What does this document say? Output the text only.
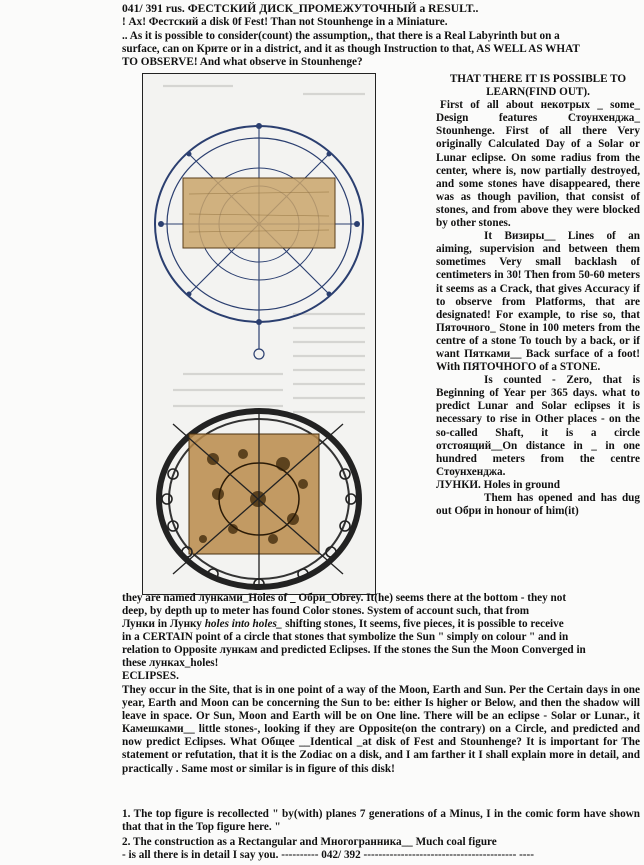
041/ 391 rus. ФЕСТСКИЙ ДИСК_ПРОМЕЖУТОЧНЫЙ a RESULT..
! Ах! Фестский a disk 0f Fest! Than not Stounhenge in a Miniature.
.. As it is possible to consider(count) the assumption,, that there is a Real Labyrinth but on a
surface, can on Крите or in a district, and it as though Instruction to that, AS WELL AS WHAT
TO OBSERVE! And what observe in Stounhenge?

THAT THERE IT IS POSSIBLE TO LEARN(FIND OUT).

First of all about некотрых _ some_ Design features Стоунхенджа_ Stounhenge. First of all there Very originally Calculated Day of a Solar or Lunar eclipse. On some radius from the center, where is, now partially destroyed, and some stones have disappeared, there was as though pavilion, that consist of stones, and from above they were blocked by other stones.

It Визиры__ Lines of an aiming, supervision and between them sometimes Very small backlash of centimeters in 30! Then from 50-60 meters it seems as a Crack, that gives Accuracy if to observe from Platforms, that are designated! For example, to rise so, that Пяточного_ Stone in 100 meters from the centre of a stone To touch by a back, or if want Пятками__ Back surface of a foot! With ПЯТОЧНОГО of a STONE.

Is counted - Zero, that is Beginning of Year per 365 days. what to predict Lunar and Solar eclipses it is necessary to rise in Other places - on the so-called Shaft, it is a circle отстоящий__On distance in _ in one hundred meters from the centre Стоунхенджа.

ЛУНКИ. Holes in ground

Them has opened and has dug out Обри in honour of him(it)

they are named лунками_Holes of Обри_Obrey. It(he) seems there at the bottom - they not
deep, by depth up to meter has found Color stones. System of account such, that from
Лунки in Лунку holes into holes_ shifting stones, It seems, five pieces, it is possible to receive
in a CERTAIN point of a circle that stones that symbolize the Sun " simply on colour " and in
relation to Opposite лункам and predicted Eclipses. If the stones the Sun the Moon Converged in
these лунках_holes!
ECLIPSES.

They occur in the Site, that is in one point of a way of the Moon, Earth and Sun. Per the Certain days in one year, Earth and Moon can be concerning the Sun to be: either Is higher or Below, and then the shadow will leave in space. Or Sun, Moon and Earth will be on One line. There will be an eclipse - Solar or Lunar., it Камешками__ little stones-, looking if they are Opposite(on the contrary) on a Circle, and predicted and now predict Eclipses. What Общее __Identical _at disk of Fest and Stounhenge? It is important for The statement or refutation, that it is the Zodiac on a disk, and I am farther it I shall explain more in detail, and practically . Same most or similar is in figure of this disk!

1. The top figure is recollected " by(with) planes 7 generations of a Minus, I in the comic form have shown that that in the Top figure here. "

2. The construction as a Rectangular and Многогранника__ Much coal figure
- is all there is in detail I say you. ---------- 042/ 392 ----------------------------------------- ----
